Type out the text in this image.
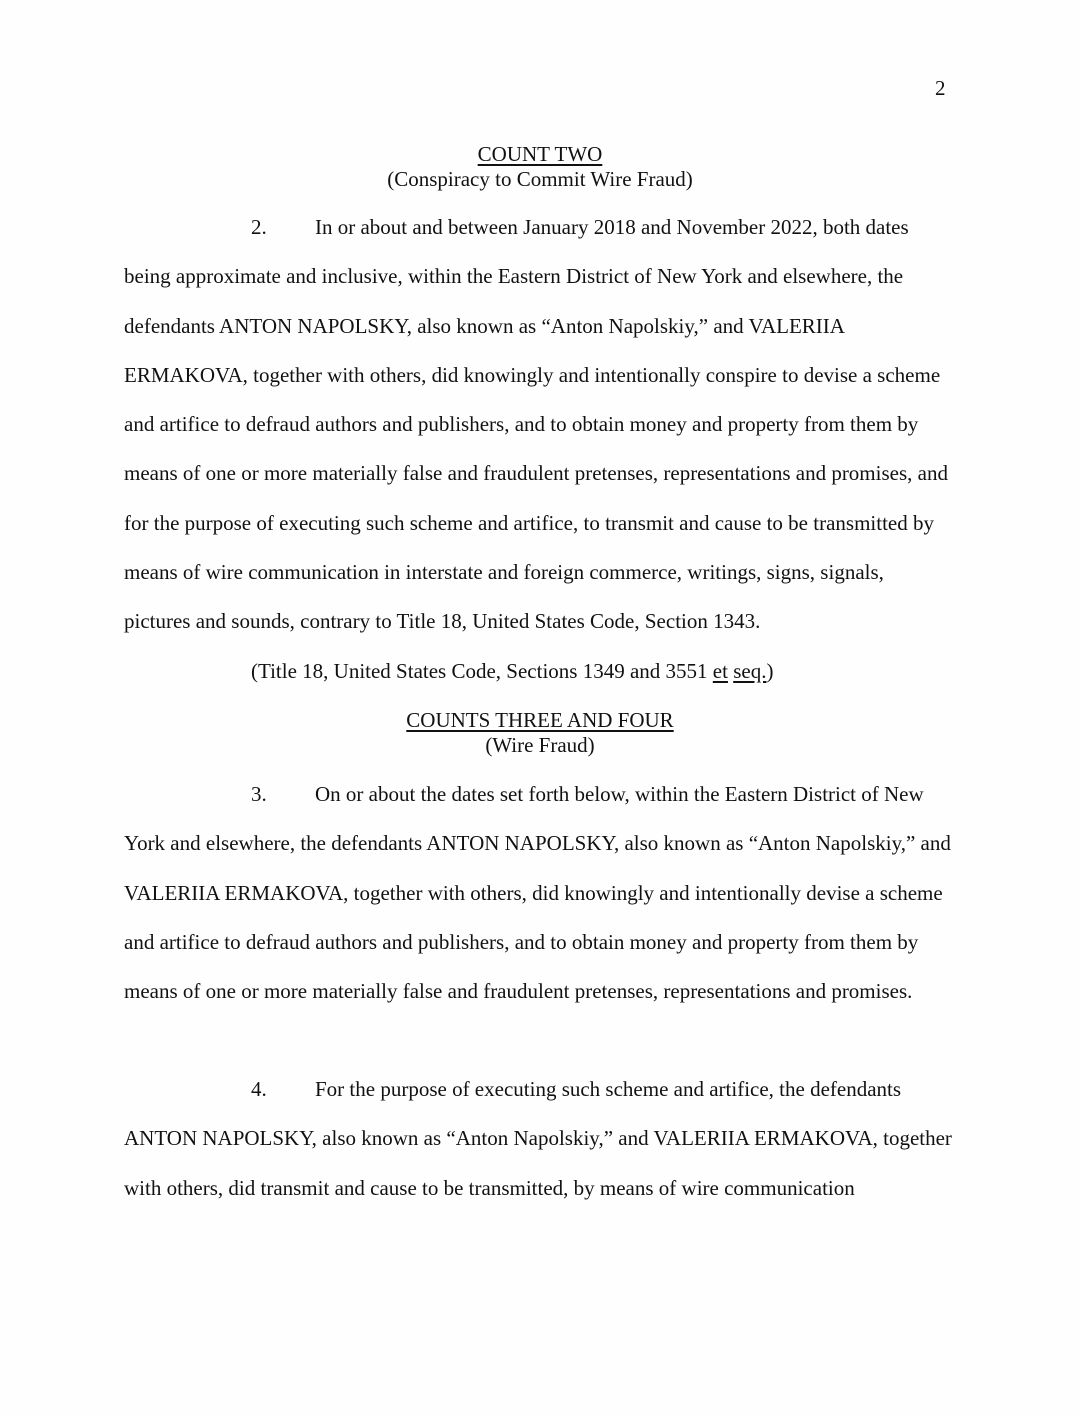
2
COUNT TWO
(Conspiracy to Commit Wire Fraud)
2. In or about and between January 2018 and November 2022, both dates being approximate and inclusive, within the Eastern District of New York and elsewhere, the defendants ANTON NAPOLSKY, also known as “Anton Napolskiy,” and VALERIIA ERMAKOVA, together with others, did knowingly and intentionally conspire to devise a scheme and artifice to defraud authors and publishers, and to obtain money and property from them by means of one or more materially false and fraudulent pretenses, representations and promises, and for the purpose of executing such scheme and artifice, to transmit and cause to be transmitted by means of wire communication in interstate and foreign commerce, writings, signs, signals, pictures and sounds, contrary to Title 18, United States Code, Section 1343.
(Title 18, United States Code, Sections 1349 and 3551 et seq.)
COUNTS THREE AND FOUR
(Wire Fraud)
3. On or about the dates set forth below, within the Eastern District of New York and elsewhere, the defendants ANTON NAPOLSKY, also known as “Anton Napolskiy,” and VALERIIA ERMAKOVA, together with others, did knowingly and intentionally devise a scheme and artifice to defraud authors and publishers, and to obtain money and property from them by means of one or more materially false and fraudulent pretenses, representations and promises.
4. For the purpose of executing such scheme and artifice, the defendants ANTON NAPOLSKY, also known as “Anton Napolskiy,” and VALERIIA ERMAKOVA, together with others, did transmit and cause to be transmitted, by means of wire communication
